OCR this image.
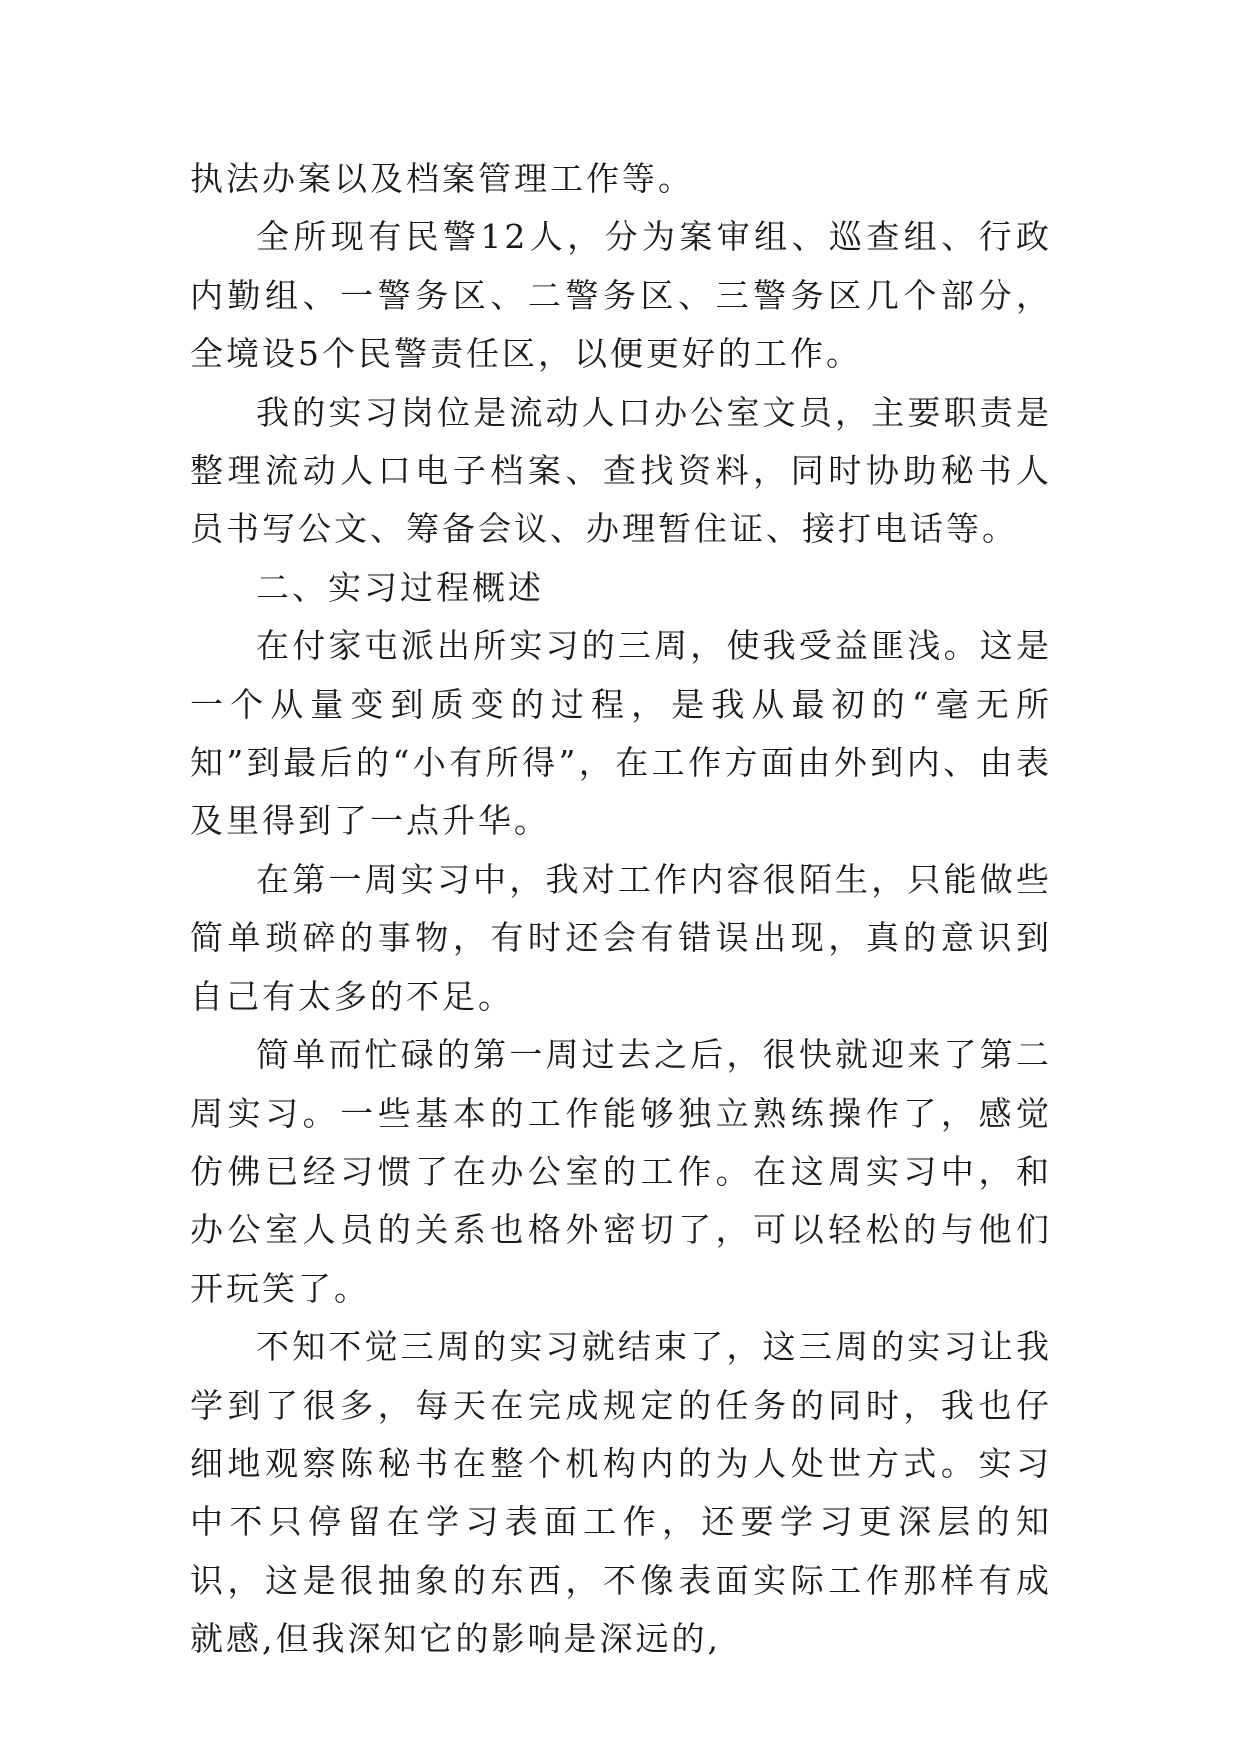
执法办案以及档案管理工作等。

全所现有民警12人，分为案审组、巡查组、行政内勤组、一警务区、二警务区、三警务区几个部分，全境设5个民警责任区，以便更好的工作。

我的实习岗位是流动人口办公室文员，主要职责是整理流动人口电子档案、查找资料，同时协助秘书人员书写公文、筹备会议、办理暂住证、接打电话等。

二、实习过程概述

在付家屯派出所实习的三周，使我受益匪浅。这是一个从量变到质变的过程，是我从最初的“毫无所知”到最后的“小有所得”，在工作方面由外到内、由表及里得到了一点升华。

在第一周实习中，我对工作内容很陌生，只能做些简单琐碎的事物，有时还会有错误出现，真的意识到自己有太多的不足。

简单而忙碌的第一周过去之后，很快就迎来了第二周实习。一些基本的工作能够独立熟练操作了，感觉仿佛已经习惯了在办公室的工作。在这周实习中，和办公室人员的关系也格外密切了，可以轻松的与他们开玩笑了。

不知不觉三周的实习就结束了，这三周的实习让我学到了很多，每天在完成规定的任务的同时，我也仔细地观察陈秘书在整个机构内的为人处世方式。实习中不只停留在学习表面工作，还要学习更深层的知识，这是很抽象的东西，不像表面实际工作那样有成就感,但我深知它的影响是深远的,
